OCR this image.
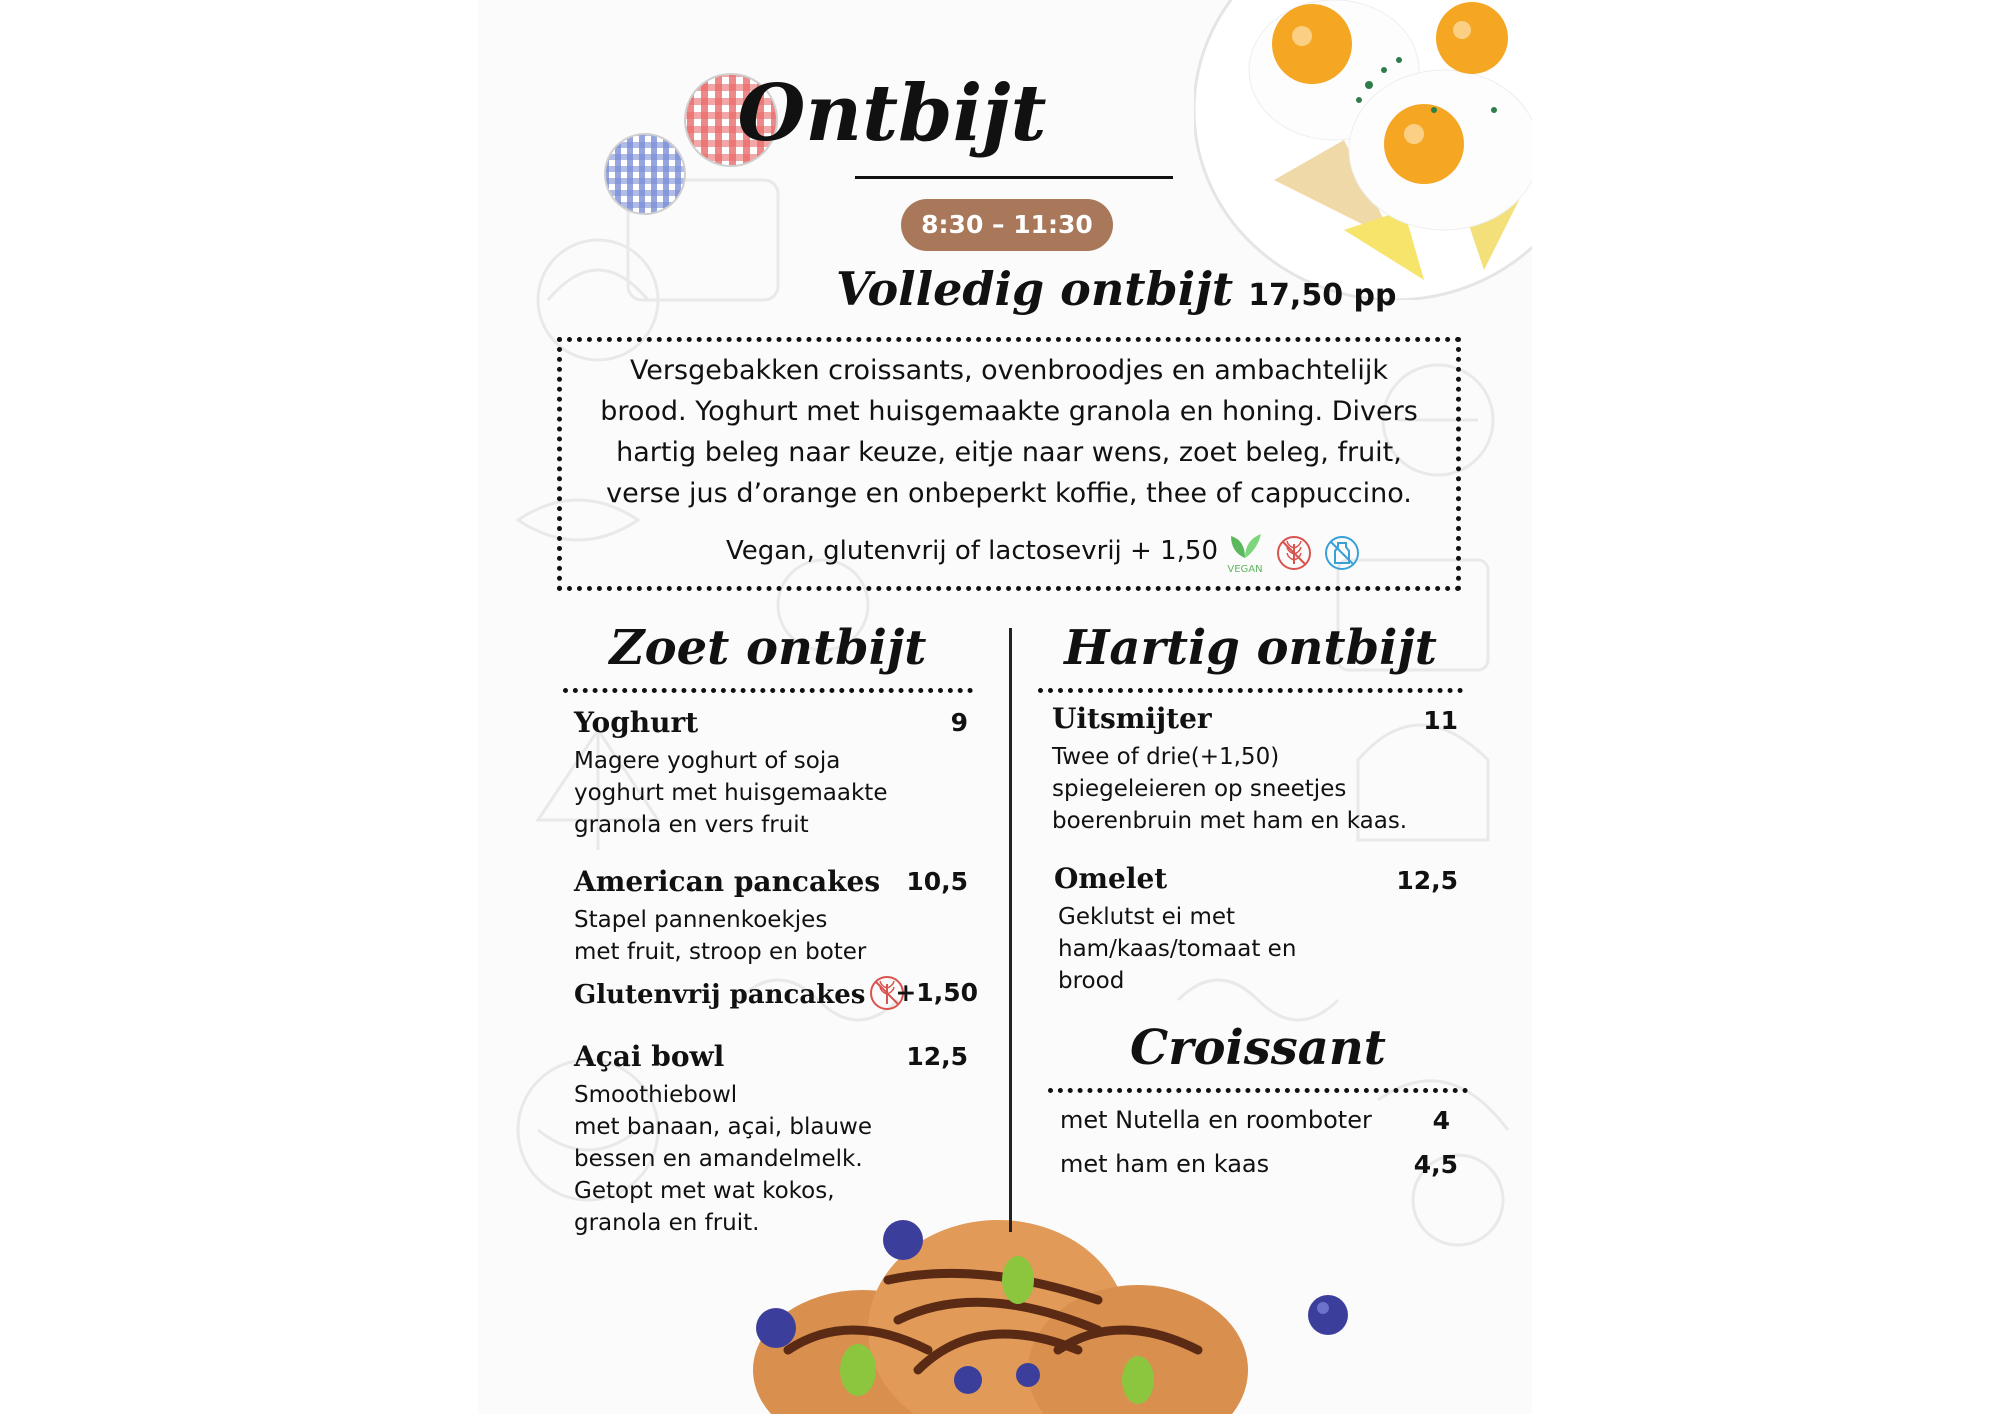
Ontbijt
8:30 – 11:30
Volledig ontbijt 17,50 pp
Versgebakken croissants, ovenbroodjes en ambachtelijk
brood. Yoghurt met huisgemaakte granola en honing. Divers
hartig beleg naar keuze, eitje naar wens, zoet beleg, fruit,
verse jus d’orange en onbeperkt koffie, thee of cappuccino.
Vegan, glutenvrij of lactosevrij + 1,50
VEGAN
Zoet ontbijt
Yoghurt	9
Magere yoghurt of soja
yoghurt met huisgemaakte
granola en vers fruit
American pancakes	10,5
Stapel pannenkoekjes
met fruit, stroop en boter
Glutenvrij pancakes +1,50
Açai bowl	12,5
Smoothiebowl
met banaan, açai, blauwe
bessen en amandelmelk.
Getopt met wat kokos,
granola en fruit.
Hartig ontbijt
Uitsmijter	11
Twee of drie(+1,50)
spiegeleieren op sneetjes
boerenbruin met ham en kaas.
Omelet	12,5
Geklutst ei met
ham/kaas/tomaat en
brood
Croissant
met Nutella en roomboter	4
met ham en kaas	4,5
